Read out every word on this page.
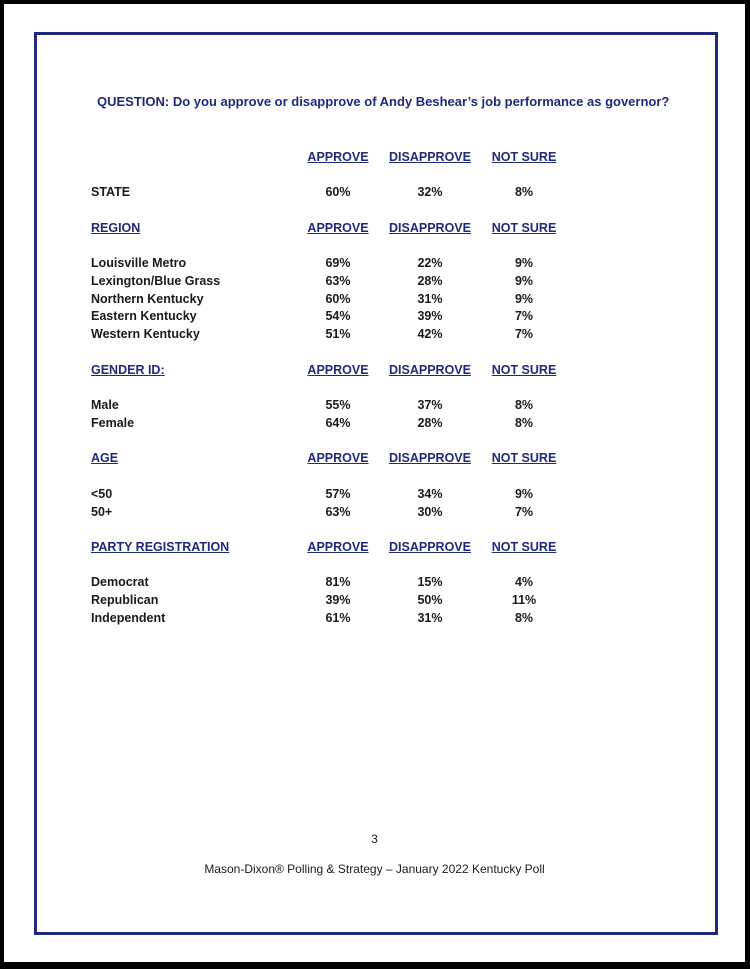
QUESTION: Do you approve or disapprove of Andy Beshear’s job performance as governor?
APPROVE DISAPPROVE NOT SURE
STATE	60%	32%	8%
REGION	APPROVE DISAPPROVE NOT SURE
Louisville Metro	69%	22%	9%
Lexington/Blue Grass	63%	28%	9%
Northern Kentucky	60%	31%	9%
Eastern Kentucky	54%	39%	7%
Western Kentucky	51%	42%	7%
GENDER ID:	APPROVE DISAPPROVE NOT SURE
Male	55%	37%	8%
Female	64%	28%	8%
AGE	APPROVE DISAPPROVE NOT SURE
<50	57%	34%	9%
50+	63%	30%	7%
PARTY REGISTRATION	APPROVE DISAPPROVE NOT SURE
Democrat	81%	15%	4%
Republican	39%	50%	11%
Independent	61%	31%	8%
3
Mason-Dixon® Polling & Strategy – January 2022 Kentucky Poll
